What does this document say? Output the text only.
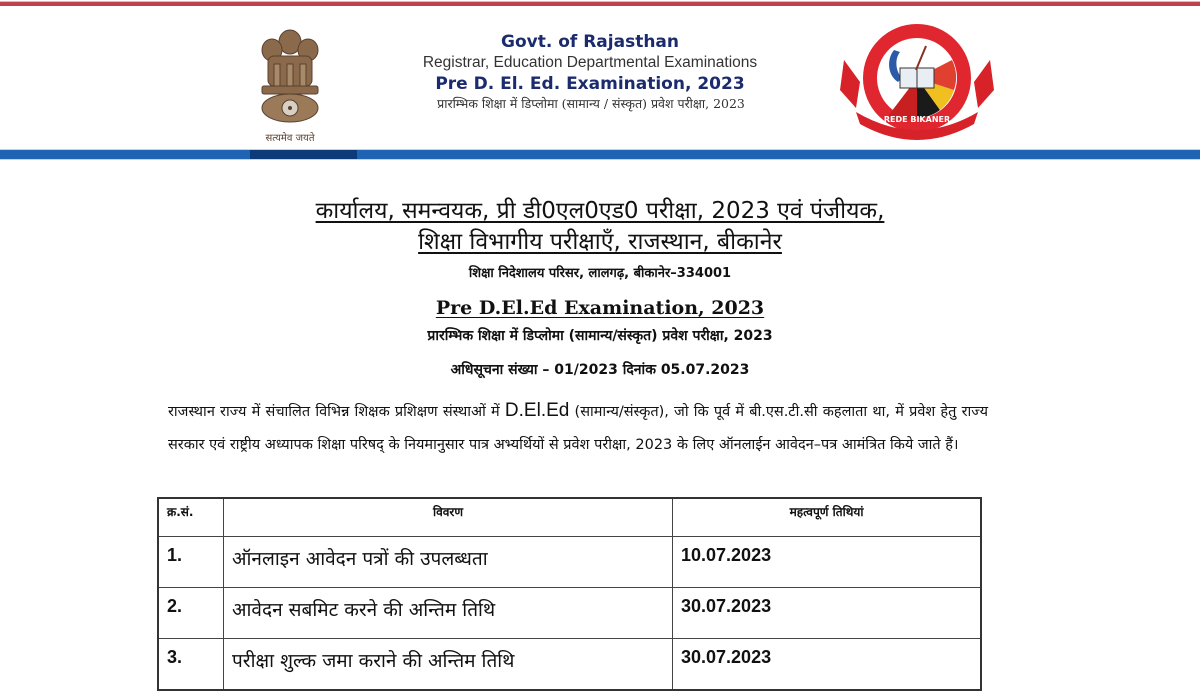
सत्यमेव जयते
Govt. of Rajasthan
Registrar, Education Departmental Examinations
Pre D. El. Ed. Examination, 2023
प्रारम्भिक शिक्षा में डिप्लोमा (सामान्य / संस्कृत) प्रवेश परीक्षा, 2023
REDE BIKANER
कार्यालय, समन्वयक, प्री डी0एल0एड0 परीक्षा, 2023 एवं पंजीयक,
शिक्षा विभागीय परीक्षाएँ, राजस्थान, बीकानेर
शिक्षा निदेशालय परिसर, लालगढ़, बीकानेर–334001
Pre D.El.Ed Examination, 2023
प्रारम्भिक शिक्षा में डिप्लोमा (सामान्य/संस्कृत) प्रवेश परीक्षा, 2023
अधिसूचना संख्या – 01/2023 दिनांक 05.07.2023
राजस्थान राज्य में संचालित विभिन्न शिक्षक प्रशिक्षण संस्थाओं में D.El.Ed (सामान्य/संस्कृत), जो कि पूर्व में बी.एस.टी.सी कहलाता था, में प्रवेश हेतु राज्य सरकार एवं राष्ट्रीय अध्यापक शिक्षा परिषद् के नियमानुसार पात्र अभ्यर्थियों से प्रवेश परीक्षा, 2023 के लिए ऑनलाईन आवेदन–पत्र आमंत्रित किये जाते हैं।
क्र.सं.	विवरण	महत्वपूर्ण तिथियां
1.	ऑनलाइन आवेदन पत्रों की उपलब्धता	10.07.2023
2.	आवेदन सबमिट करने की अन्तिम तिथि	30.07.2023
3.	परीक्षा शुल्क जमा कराने की अन्तिम तिथि	30.07.2023
